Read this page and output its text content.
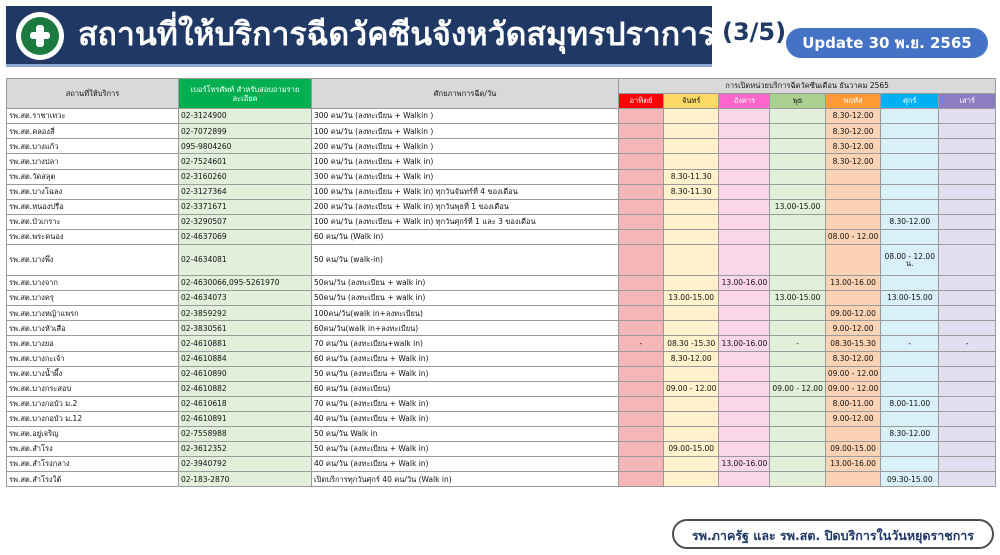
สถานที่ให้บริการฉีดวัคซีนจังหวัดสมุทรปราการ (3/5)	Update 30 พ.ย. 2565
สถานที่ให้บริการ	เบอร์โทรศัพท์ สำหรับสอบถามรายละเอียด	ศักยภาพการฉีด/วัน	การเปิดหน่วยบริการฉีดวัคซีนเดือน ธันวาคม 2565						
			อาทิตย์	จันทร์	อังคาร	พุธ	พฤหัส	ศุกร์	เสาร์
รพ.สต.ราชาเทวะ	02-3124900	300 คน/วัน (ลงทะเบียน + Walkin )					8.30-12.00		
รพ.สต.คลองสี่	02-7072899	100 คน/วัน (ลงทะเบียน + Walkin )					8.30-12.00		
รพ.สต.บางแก้ว	095-9804260	200 คน/วัน (ลงทะเบียน + Walkin )					8.30-12.00		
รพ.สต.บางปลา	02-7524601	100 คน/วัน (ลงทะเบียน + Walk in)					8.30-12.00		
รพ.สต.วัดสลุต	02-3160260	300 คน/วัน (ลงทะเบียน + Walk in)		8.30-11.30					
รพ.สต.บางโฉลง	02-3127364	100 คน/วัน (ลงทะเบียน + Walk in) ทุกวันจันทร์ที่ 4 ของเดือน		8.30-11.30					
รพ.สต.หนองปรือ	02-3371671	200 คน/วัน (ลงทะเบียน + Walk in) ทุกวันพุธที่ 1 ของเดือน				13.00-15.00			
รพ.สต.บัวเกราะ	02-3290507	100 คน/วัน (ลงทะเบียน + Walk in) ทุกวันศุกร์ที่ 1 และ 3 ของเดือน						8.30-12.00	
รพ.สต.พระคนอง	02-4637069	60 คน/วัน (Walk in)					08.00 - 12.00		
รพ.สต.บางพึ่ง	02-4634081	50 คน/วัน (walk-in)						08.00 - 12.00 น.	
รพ.สต.บางจาก	02-4630066,095-5261970	50คน/วัน (ลงทะเบียน + walk in)			13.00-16.00		13.00-16.00		
รพ.สต.บางครุ	02-4634073	50คน/วัน (ลงทะเบียน + walk in)		13.00-15.00		13.00-15.00		13.00-15.00	
รพ.สต.บางหญ้าแพรก	02-3859292	100คน/วัน(walk in+ลงทะเบียน)					09.00-12.00		
รพ.สต.บางหัวเสือ	02-3830561	60คน/วัน(walk in+ลงทะเบียน)					9.00-12.00		
รพ.สต.บางยอ	02-4610881	70 คน/วัน (ลงทะเบียน+walk in)	-	08.30 -15.30	13.00-16.00	-	08.30-15.30	-	-
รพ.สต.บางกะเจ้า	02-4610884	60 คน/วัน (ลงทะเบียน + Walk in)		8.30-12.00			8.30-12.00		
รพ.สต.บางน้ำผึ้ง	02-4610890	50 คน/วัน (ลงทะเบียน + Walk in)					09.00 - 12.00		
รพ.สต.บางกระสอบ	02-4610882	60 คน/วัน (ลงทะเบียน)		09.00 - 12.00		09.00 - 12.00	09.00 - 12.00		
รพ.สต.บางกอบัว ม.2	02-4610618	70 คน/วัน (ลงทะเบียน + Walk in)					8.00-11.00	8.00-11.00	
รพ.สต.บางกอบัว ม.12	02-4610891	40 คน/วัน (ลงทะเบียน + Walk in)					9.00-12.00		
รพ.สต.อยู่เจริญ	02-7558988	50 คน/วัน Walk in						8.30-12.00	
รพ.สต.สำโรง	02-3612352	50 คน/วัน (ลงทะเบียน + Walk in)		09.00-15.00			09.00-15.00		
รพ.สต.สำโรงกลาง	02-3940792	40 คน/วัน (ลงทะเบียน + Walk in)			13.00-16.00		13.00-16.00		
รพ.สต.สำโรงใต้	02-183-2870	เปิดบริการทุกวันศุกร์ 40 คน/วัน (Walk in)						09.30-15.00	
รพ.ภาครัฐ และ รพ.สต. ปิดบริการในวันหยุดราชการ
